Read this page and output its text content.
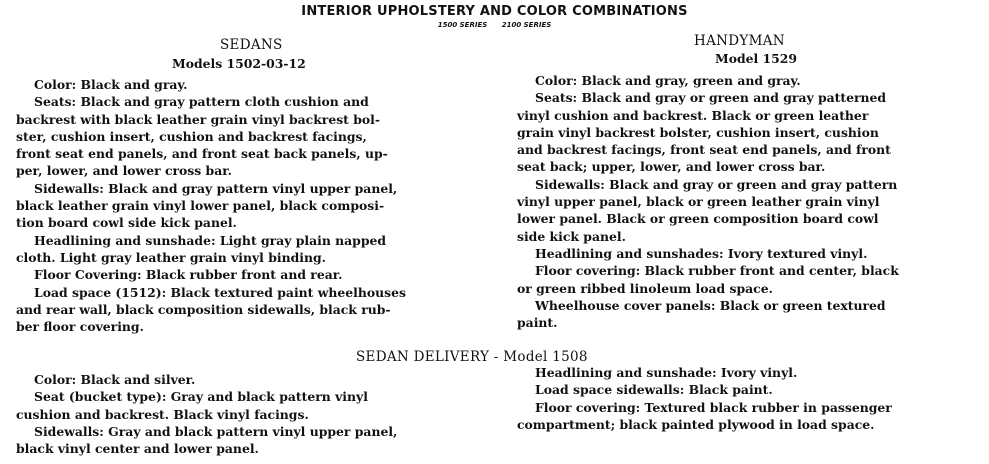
INTERIOR UPHOLSTERY AND COLOR COMBINATIONS
1500 SERIES 2100 SERIES
SEDANS
Models 1502-03-12

Color: Black and gray.

Seats: Black and gray pattern cloth cushion and

backrest with black leather grain vinyl backrest bol-

ster, cushion insert, cushion and backrest facings,

front seat end panels, and front seat back panels, up-

per, lower, and lower cross bar.

Sidewalls: Black and gray pattern vinyl upper panel,

black leather grain vinyl lower panel, black composi-

tion board cowl side kick panel.

Headlining and sunshade: Light gray plain napped

cloth. Light gray leather grain vinyl binding.

Floor Covering: Black rubber front and rear.

Load space (1512): Black textured paint wheelhouses

and rear wall, black composition sidewalls, black rub-

ber floor covering.

SEDAN DELIVERY - Model 1508

Color: Black and silver.

Seat (bucket type): Gray and black pattern vinyl

cushion and backrest. Black vinyl facings.

Sidewalls: Gray and black pattern vinyl upper panel,

black vinyl center and lower panel.

HANDYMAN
Model 1529

Color: Black and gray, green and gray.

Seats: Black and gray or green and gray patterned

vinyl cushion and backrest. Black or green leather

grain vinyl backrest bolster, cushion insert, cushion

and backrest facings, front seat end panels, and front

seat back; upper, lower, and lower cross bar.

Sidewalls: Black and gray or green and gray pattern

vinyl upper panel, black or green leather grain vinyl

lower panel. Black or green composition board cowl

side kick panel.

Headlining and sunshades: Ivory textured vinyl.

Floor covering: Black rubber front and center, black

or green ribbed linoleum load space.

Wheelhouse cover panels: Black or green textured

paint.

Headlining and sunshade: Ivory vinyl.

Load space sidewalls: Black paint.

Floor covering: Textured black rubber in passenger

compartment; black painted plywood in load space.
